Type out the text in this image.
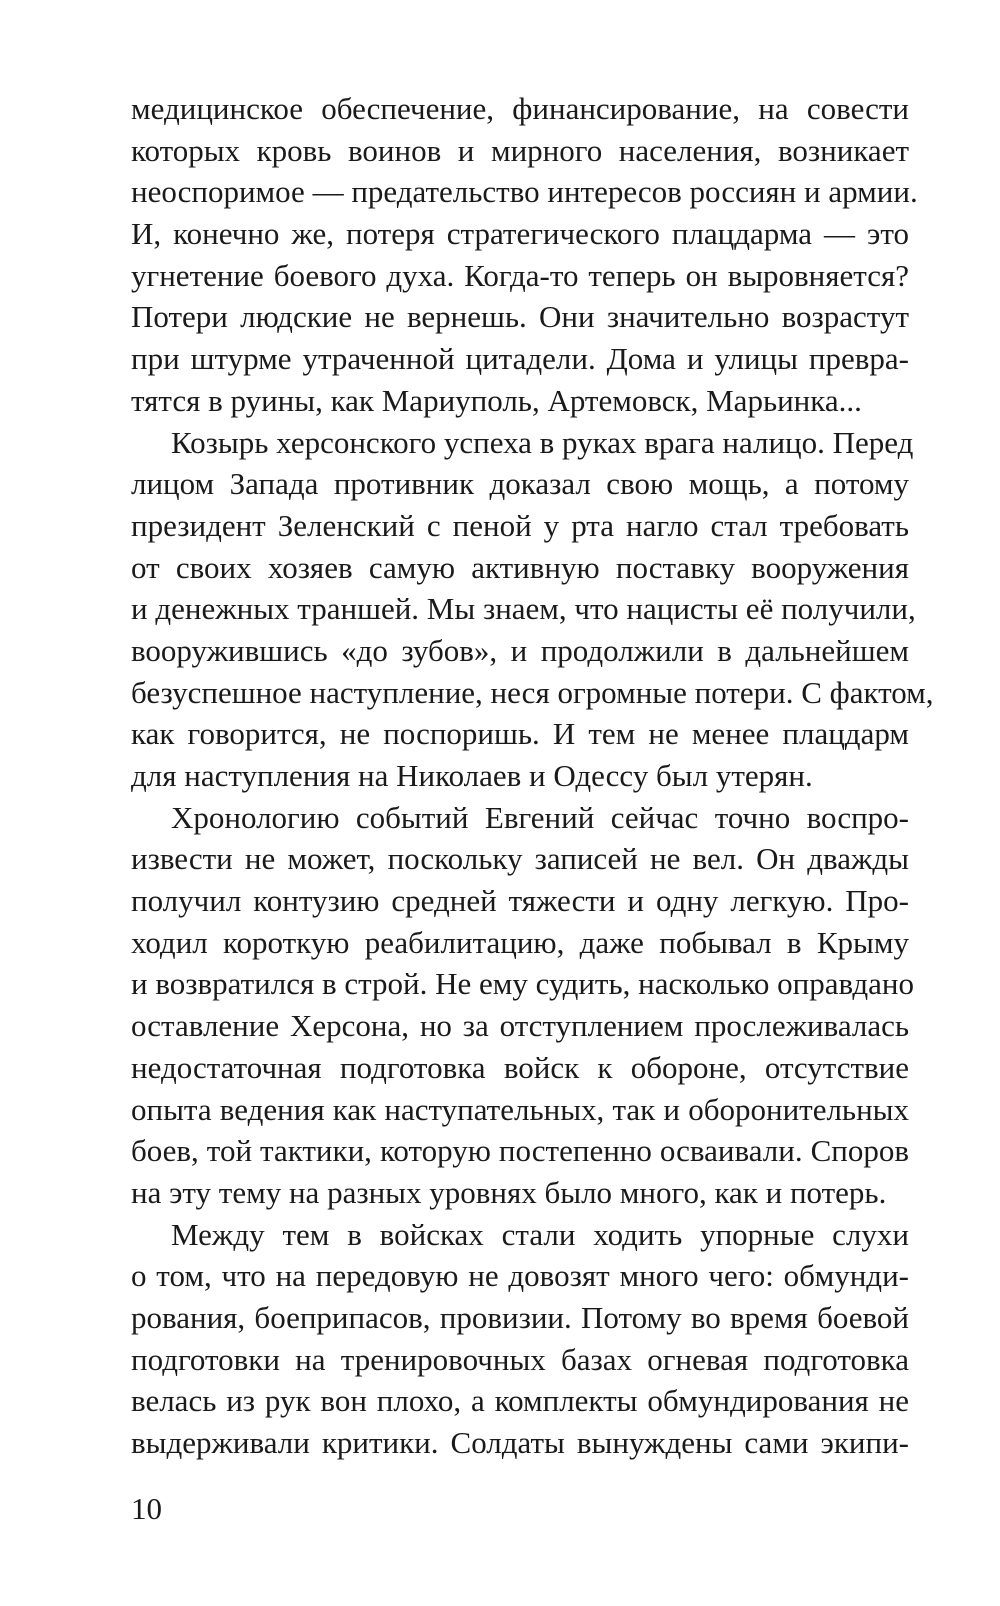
медицинское обеспечение, финансирование, на совести
которых кровь воинов и мирного населения, возникает
неоспоримое — предательство интересов россиян и армии.
И, конечно же, потеря стратегического плацдарма — это
угнетение боевого духа. Когда-то теперь он выровняется?
Потери людские не вернешь. Они значительно возрастут
при штурме утраченной цитадели. Дома и улицы превра-
тятся в руины, как Мариуполь, Артемовск, Марьинка...
Козырь херсонского успеха в руках врага налицо. Перед
лицом Запада противник доказал свою мощь, а потому
президент Зеленский с пеной у рта нагло стал требовать
от своих хозяев самую активную поставку вооружения
и денежных траншей. Мы знаем, что нацисты её получили,
вооружившись «до зубов», и продолжили в дальнейшем
безуспешное наступление, неся огромные потери. С фактом,
как говорится, не поспоришь. И тем не менее плацдарм
для наступления на Николаев и Одессу был утерян.
Хронологию событий Евгений сейчас точно воспро-
извести не может, поскольку записей не вел. Он дважды
получил контузию средней тяжести и одну легкую. Про-
ходил короткую реабилитацию, даже побывал в Крыму
и возвратился в строй. Не ему судить, насколько оправдано
оставление Херсона, но за отступлением прослеживалась
недостаточная подготовка войск к обороне, отсутствие
опыта ведения как наступательных, так и оборонительных
боев, той тактики, которую постепенно осваивали. Споров
на эту тему на разных уровнях было много, как и потерь.
Между тем в войсках стали ходить упорные слухи
о том, что на передовую не довозят много чего: обмунди-
рования, боеприпасов, провизии. Потому во время боевой
подготовки на тренировочных базах огневая подготовка
велась из рук вон плохо, а комплекты обмундирования не
выдерживали критики. Солдаты вынуждены сами экипи-
10
